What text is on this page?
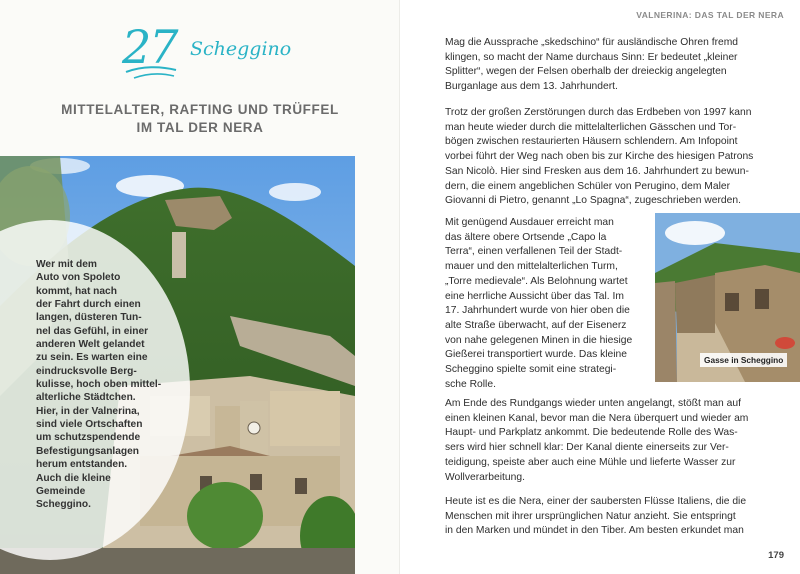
27 Scheggino
MITTELALTER, RAFTING UND TRÜFFEL
IM TAL DER NERA
Wer mit dem
Auto von Spoleto
kommt, hat nach
der Fahrt durch einen
langen, düsteren Tun-
nel das Gefühl, in einer
anderen Welt gelandet
zu sein. Es warten eine
eindrucksvolle Berg-
kulisse, hoch oben mittel-
alterliche Städtchen.
Hier, in der Valnerina,
sind viele Ortschaften
um schutzspendende
Befestigungsanlagen
herum entstanden.
Auch die kleine
Gemeinde
Scheggino.
VALNERINA: DAS TAL DER NERA
Mag die Aussprache „skedschino“ für ausländische Ohren fremd
klingen, so macht der Name durchaus Sinn: Er bedeutet „kleiner
Splitter“, wegen der Felsen oberhalb der dreieckig angelegten
Burganlage aus dem 13. Jahrhundert.
Trotz der großen Zerstörungen durch das Erdbeben von 1997 kann
man heute wieder durch die mittelalterlichen Gässchen und Tor-
bögen zwischen restaurierten Häusern schlendern. Am Infopoint
vorbei führt der Weg nach oben bis zur Kirche des hiesigen Patrons
San Nicolò. Hier sind Fresken aus dem 16. Jahrhundert zu bewun-
dern, die einem angeblichen Schüler von Perugino, dem Maler
Giovanni di Pietro, genannt „Lo Spagna“, zugeschrieben werden.
Mit genügend Ausdauer erreicht man
das ältere obere Ortsende „Capo la
Terra“, einen verfallenen Teil der Stadt-
mauer und den mittelalterlichen Turm,
„Torre medievale“. Als Belohnung wartet
eine herrliche Aussicht über das Tal. Im
17. Jahrhundert wurde von hier oben die
alte Straße überwacht, auf der Eisenerz
von nahe gelegenen Minen in die hiesige
Gießerei transportiert wurde. Das kleine
Scheggino spielte somit eine strategi-
sche Rolle.
Gasse in Scheggino
Am Ende des Rundgangs wieder unten angelangt, stößt man auf
einen kleinen Kanal, bevor man die Nera überquert und wieder am
Haupt- und Parkplatz ankommt. Die bedeutende Rolle des Was-
sers wird hier schnell klar: Der Kanal diente einerseits zur Ver-
teidigung, speiste aber auch eine Mühle und lieferte Wasser zur
Wollverarbeitung.
Heute ist es die Nera, einer der saubersten Flüsse Italiens, die die
Menschen mit ihrer ursprünglichen Natur anzieht. Sie entspringt
in den Marken und mündet in den Tiber. Am besten erkundet man
179
